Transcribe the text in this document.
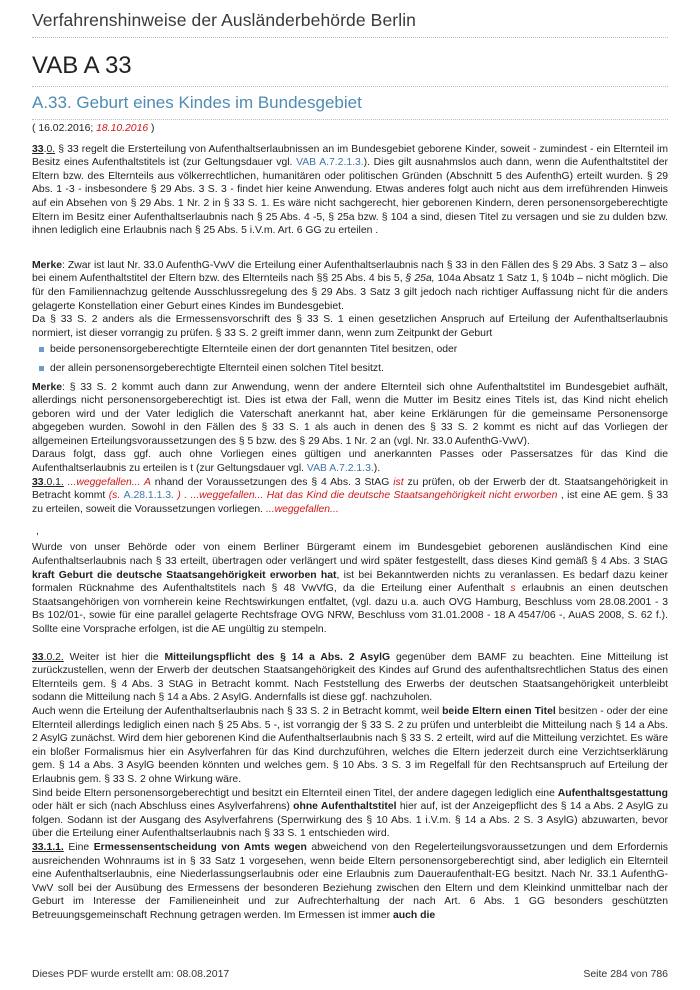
Verfahrenshinweise der Ausländerbehörde Berlin
VAB A 33
A.33. Geburt eines Kindes im Bundesgebiet

( 16.02.2016; 18.10.2016 )

33.0. § 33 regelt die Ersterteilung von Aufenthaltserlaubnissen an im Bundesgebiet geborene Kinder, soweit - zumindest - ein Elternteil im Besitz eines Aufenthaltstitels ist (zur Geltungsdauer vgl. VAB A.7.2.1.3.). Dies gilt ausnahmslos auch dann, wenn die Aufenthaltstitel der Eltern bzw. des Elternteils aus völkerrechtlichen, humanitären oder politischen Gründen (Abschnitt 5 des AufenthG) erteilt wurden. § 29 Abs. 1 -3 - insbesondere § 29 Abs. 3 S. 3 - findet hier keine Anwendung. Etwas anderes folgt auch nicht aus dem irreführenden Hinweis auf ein Absehen von § 29 Abs. 1 Nr. 2 in § 33 S. 1. Es wäre nicht sachgerecht, hier geborenen Kindern, deren personensorgeberechtigte Eltern im Besitz einer Aufenthaltserlaubnis nach § 25 Abs. 4 -5, § 25a bzw. § 104 a sind, diesen Titel zu versagen und sie zu dulden bzw. ihnen lediglich eine Erlaubnis nach § 25 Abs. 5 i.V.m. Art. 6 GG zu erteilen .

Merke: Zwar ist laut Nr. 33.0 AufenthG-VwV die Erteilung einer Aufenthaltserlaubnis nach § 33 in den Fällen des § 29 Abs. 3 Satz 3 – also bei einem Aufenthaltstitel der Eltern bzw. des Elternteils nach §§ 25 Abs. 4 bis 5, § 25a, 104a Absatz 1 Satz 1, § 104b – nicht möglich. Die für den Familiennachzug geltende Ausschlussregelung des § 29 Abs. 3 Satz 3 gilt jedoch nach richtiger Auffassung nicht für die anders gelagerte Konstellation einer Geburt eines Kindes im Bundesgebiet.

Da § 33 S. 2 anders als die Ermessensvorschrift des § 33 S. 1 einen gesetzlichen Anspruch auf Erteilung der Aufenthaltserlaubnis normiert, ist dieser vorrangig zu prüfen. § 33 S. 2 greift immer dann, wenn zum Zeitpunkt der Geburt

beide personensorgeberechtigte Elternteile einen der dort genannten Titel besitzen, oder
der allein personensorgeberechtigte Elternteil einen solchen Titel besitzt.

Merke: § 33 S. 2 kommt auch dann zur Anwendung, wenn der andere Elternteil sich ohne Aufenthaltstitel im Bundesgebiet aufhält, allerdings nicht personensorgeberechtigt ist. Dies ist etwa der Fall, wenn die Mutter im Besitz eines Titels ist, das Kind nicht ehelich geboren wird und der Vater lediglich die Vaterschaft anerkannt hat, aber keine Erklärungen für die gemeinsame Personensorge abgegeben wurden. Sowohl in den Fällen des § 33 S. 1 als auch in denen des § 33 S. 2 kommt es nicht auf das Vorliegen der allgemeinen Erteilungsvoraussetzungen des § 5 bzw. des § 29 Abs. 1 Nr. 2 an (vgl. Nr. 33.0 AufenthG-VwV).

Daraus folgt, dass ggf. auch ohne Vorliegen eines gültigen und anerkannten Passes oder Passersatzes für das Kind die Aufenthaltserlaubnis zu erteilen is t (zur Geltungsdauer vgl. VAB A.7.2.1.3.).

33.0.1. ...weggefallen... A nhand der Voraussetzungen des § 4 Abs. 3 StAG ist zu prüfen, ob der Erwerb der dt. Staatsangehörigkeit in Betracht kommt (s. A.28.1.1.3. ) . ...weggefallen... Hat das Kind die deutsche Staatsangehörigkeit nicht erworben , ist eine AE gem. § 33 zu erteilen, soweit die Voraussetzungen vorliegen. ...weggefallen...

,

Wurde von unser Behörde oder von einem Berliner Bürgeramt einem im Bundesgebiet geborenen ausländischen Kind eine Aufenthaltserlaubnis nach § 33 erteilt, übertragen oder verlängert und wird später festgestellt, dass dieses Kind gemäß § 4 Abs. 3 StAG kraft Geburt die deutsche Staatsangehörigkeit erworben hat, ist bei Bekanntwerden nichts zu veranlassen. Es bedarf dazu keiner formalen Rücknahme des Aufenthaltstitels nach § 48 VwVfG, da die Erteilung einer Aufenthalt s erlaubnis an einen deutschen Staatsangehörigen von vornherein keine Rechtswirkungen entfaltet, (vgl. dazu u.a. auch OVG Hamburg, Beschluss vom 28.08.2001 - 3 Bs 102/01-, sowie für eine parallel gelagerte Rechtsfrage OVG NRW, Beschluss vom 31.01.2008 - 18 A 4547/06 -, AuAS 2008, S. 62 f.). Sollte eine Vorsprache erfolgen, ist die AE ungültig zu stempeln.

33.0.2. Weiter ist hier die Mitteilungspflicht des § 14 a Abs. 2 AsylG gegenüber dem BAMF zu beachten. Eine Mitteilung ist zurückzustellen, wenn der Erwerb der deutschen Staatsangehörigkeit des Kindes auf Grund des aufenthaltsrechtlichen Status des einen Elternteils gem. § 4 Abs. 3 StAG in Betracht kommt. Nach Feststellung des Erwerbs der deutschen Staatsangehörigkeit unterbleibt sodann die Mitteilung nach § 14 a Abs. 2 AsylG. Andernfalls ist diese ggf. nachzuholen.

Auch wenn die Erteilung der Aufenthaltserlaubnis nach § 33 S. 2 in Betracht kommt, weil beide Eltern einen Titel besitzen - oder der eine Elternteil allerdings lediglich einen nach § 25 Abs. 5 -, ist vorrangig der § 33 S. 2 zu prüfen und unterbleibt die Mitteilung nach § 14 a Abs. 2 AsylG zunächst. Wird dem hier geborenen Kind die Aufenthaltserlaubnis nach § 33 S. 2 erteilt, wird auf die Mitteilung verzichtet. Es wäre ein bloßer Formalismus hier ein Asylverfahren für das Kind durchzuführen, welches die Eltern jederzeit durch eine Verzichtserklärung gem. § 14 a Abs. 3 AsylG beenden könnten und welches gem. § 10 Abs. 3 S. 3 im Regelfall für den Rechtsanspruch auf Erteilung der Erlaubnis gem. § 33 S. 2 ohne Wirkung wäre.

Sind beide Eltern personensorgeberechtigt und besitzt ein Elternteil einen Titel, der andere dagegen lediglich eine Aufenthaltsgestattung oder hält er sich (nach Abschluss eines Asylverfahrens) ohne Aufenthaltstitel hier auf, ist der Anzeigepflicht des § 14 a Abs. 2 AsylG zu folgen. Sodann ist der Ausgang des Asylverfahrens (Sperrwirkung des § 10 Abs. 1 i.V.m. § 14 a Abs. 2 S. 3 AsylG) abzuwarten, bevor über die Erteilung einer Aufenthaltserlaubnis nach § 33 S. 1 entschieden wird.

33.1.1. Eine Ermessensentscheidung von Amts wegen abweichend von den Regelerteilungsvoraussetzungen und dem Erfordernis ausreichenden Wohnraums ist in § 33 Satz 1 vorgesehen, wenn beide Eltern personensorgeberechtigt sind, aber lediglich ein Elternteil eine Aufenthaltserlaubnis, eine Niederlassungserlaubnis oder eine Erlaubnis zum Daueraufenthalt-EG besitzt. Nach Nr. 33.1 AufenthG-VwV soll bei der Ausübung des Ermessens der besonderen Beziehung zwischen den Eltern und dem Kleinkind unmittelbar nach der Geburt im Interesse der Familieneinheit und zur Aufrechterhaltung der nach Art. 6 Abs. 1 GG besonders geschützten Betreuungsgemeinschaft Rechnung getragen werden. Im Ermessen ist immer auch die

Dieses PDF wurde erstellt am: 08.08.2017	Seite 284 von 786
